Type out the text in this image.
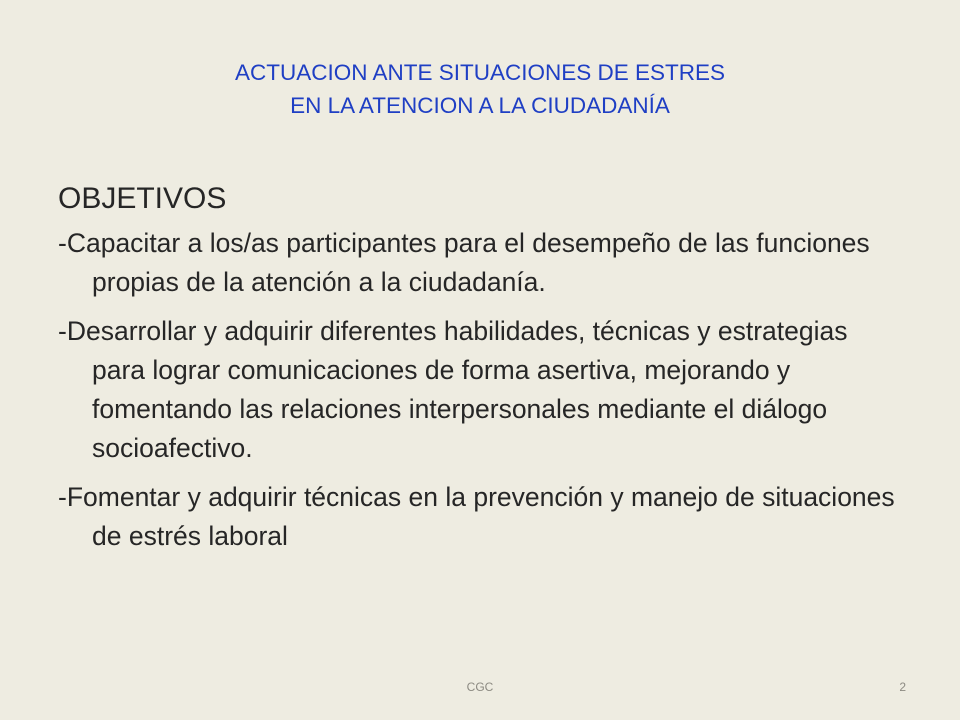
ACTUACION ANTE SITUACIONES DE ESTRES
EN LA ATENCION A LA CIUDADANÍA
OBJETIVOS
-Capacitar a los/as participantes para el desempeño de las funciones propias de la atención a la ciudadanía.
-Desarrollar y adquirir diferentes habilidades, técnicas y estrategias para lograr comunicaciones de forma asertiva, mejorando y fomentando las relaciones interpersonales mediante el diálogo socioafectivo.
-Fomentar y adquirir técnicas en la prevención y manejo de situaciones de estrés laboral
CGC	2
